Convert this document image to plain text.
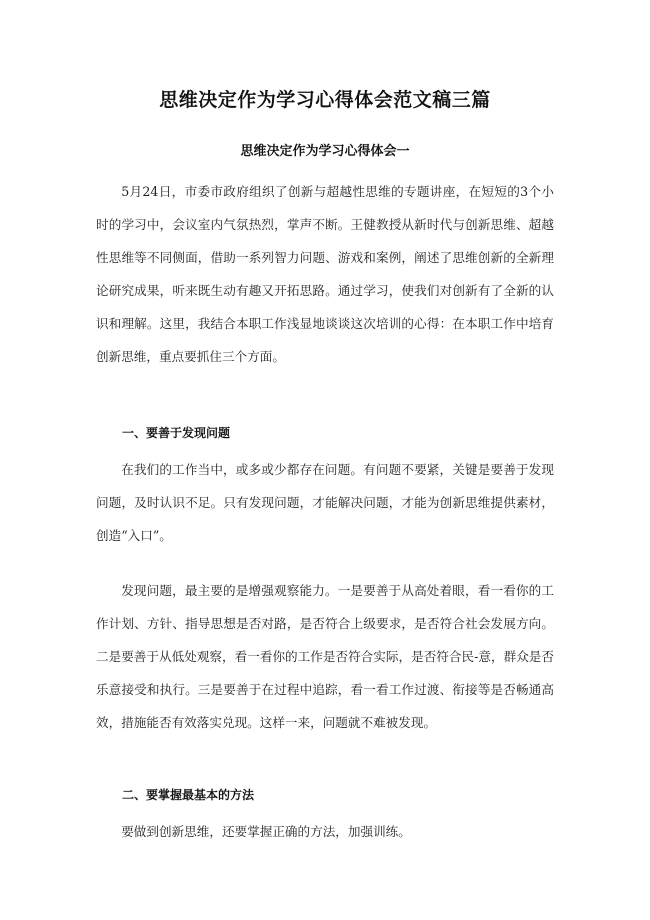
思维决定作为学习心得体会范文稿三篇
思维决定作为学习心得体会一

5月24日，市委市政府组织了创新与超越性思维的专题讲座，在短短的3个小时的学习中，会议室内气氛热烈，掌声不断。王健教授从新时代与创新思维、超越性思维等不同侧面，借助一系列智力问题、游戏和案例，阐述了思维创新的全新理论研究成果，听来既生动有趣又开拓思路。通过学习，使我们对创新有了全新的认识和理解。这里，我结合本职工作浅显地谈谈这次培训的心得：在本职工作中培育创新思维，重点要抓住三个方面。

一、要善于发现问题

在我们的工作当中，或多或少都存在问题。有问题不要紧，关键是要善于发现问题，及时认识不足。只有发现问题，才能解决问题，才能为创新思维提供素材，创造“入口”。

发现问题，最主要的是增强观察能力。一是要善于从高处着眼，看一看你的工作计划、方针、指导思想是否对路，是否符合上级要求，是否符合社会发展方向。二是要善于从低处观察，看一看你的工作是否符合实际，是否符合民-意，群众是否乐意接受和执行。三是要善于在过程中追踪，看一看工作过渡、衔接等是否畅通高效，措施能否有效落实兑现。这样一来，问题就不难被发现。

二、要掌握最基本的方法

要做到创新思维，还要掌握正确的方法，加强训练。
